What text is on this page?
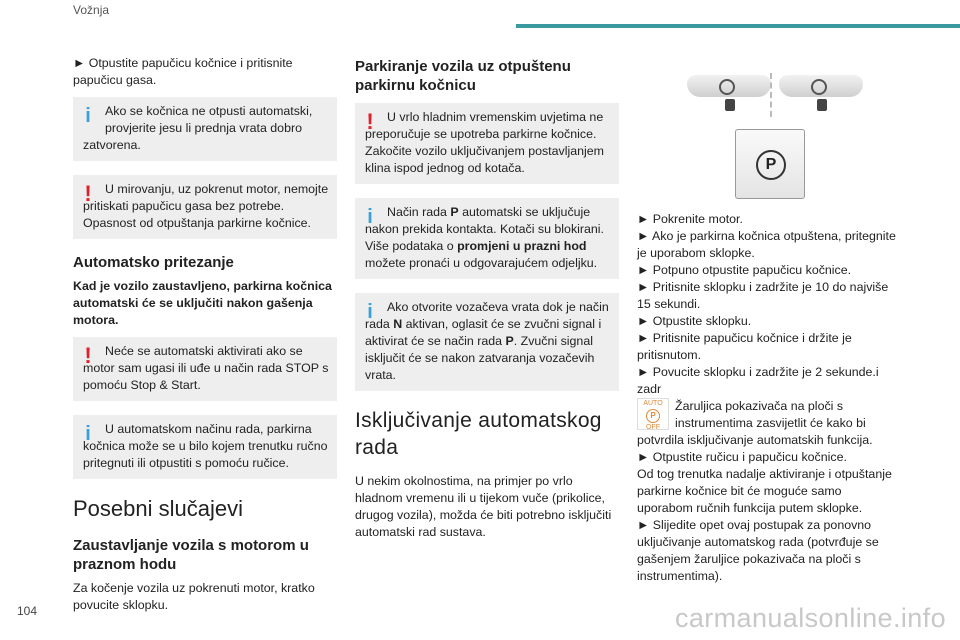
Vožnja

► Otpustite papučicu kočnice i pritisnite papučicu gasa.

i	Ako se kočnica ne otpusti automatski,
provjerite jesu li prednja vrata dobro zatvorena.
!	U mirovanju, uz pokrenut motor, nemojte
pritiskati papučicu gasa bez potrebe. Opasnost od otpuštanja parkirne kočnice.
Automatsko pritezanje

Kad je vozilo zaustavljeno, parkirna kočnica automatski će se uključiti nakon gašenja motora.

!	Neće se automatski aktivirati ako se
motor sam ugasi ili uđe u način rada STOP s pomoću Stop & Start.
i	U automatskom načinu rada, parkirna
kočnica može se u bilo kojem trenutku ručno pritegnuti ili otpustiti s pomoću ručice.
Posebni slučajevi
Zaustavljanje vozila s motorom u praznom hodu

Za kočenje vozila uz pokrenuti motor, kratko povucite sklopku.

Parkiranje vozila uz otpuštenu parkirnu kočnicu
!	U vrlo hladnim vremenskim uvjetima ne
preporučuje se upotreba parkirne kočnice.
Zakočite vozilo uključivanjem postavljanjem klina ispod jednog od kotača.
i	Način rada P automatski se uključuje
nakon prekida kontakta. Kotači su blokirani.
Više podataka o promjeni u prazni hod možete pronaći u odgovarajućem odjeljku.
i	Ako otvorite vozačeva vrata dok je način
rada N aktivan, oglasit će se zvučni signal i aktivirat će se način rada P. Zvučni signal isključit će se nakon zatvaranja vozačevih vrata.
Isključivanje automatskog rada

U nekim okolnostima, na primjer po vrlo hladnom vremenu ili u tijekom vuče (prikolice, drugog vozila), možda će biti potrebno isključiti automatski rad sustava.

P

► Pokrenite motor.

► Ako je parkirna kočnica otpuštena, pritegnite je uporabom sklopke.

► Potpuno otpustite papučicu kočnice.

► Pritisnite sklopku i zadržite je 10 do najviše 15 sekundi.

► Otpustite sklopku.

► Pritisnite papučicu kočnice i držite je pritisnutom.

► Povucite sklopku i zadržite je 2 sekunde.i zadr

AUTO
P
OFF
Žaruljica pokazivača na ploči s instrumentima zasvijetlit će kako bi potvrdila isključivanje automatskih funkcija.

► Otpustite ručicu i papučicu kočnice.

Od tog trenutka nadalje aktiviranje i otpuštanje parkirne kočnice bit će moguće samo uporabom ručnih funkcija putem sklopke.

► Slijedite opet ovaj postupak za ponovno uključivanje automatskog rada (potvrđuje se gašenjem žaruljice pokazivača na ploči s instrumentima).

104	carmanualsonline.info
